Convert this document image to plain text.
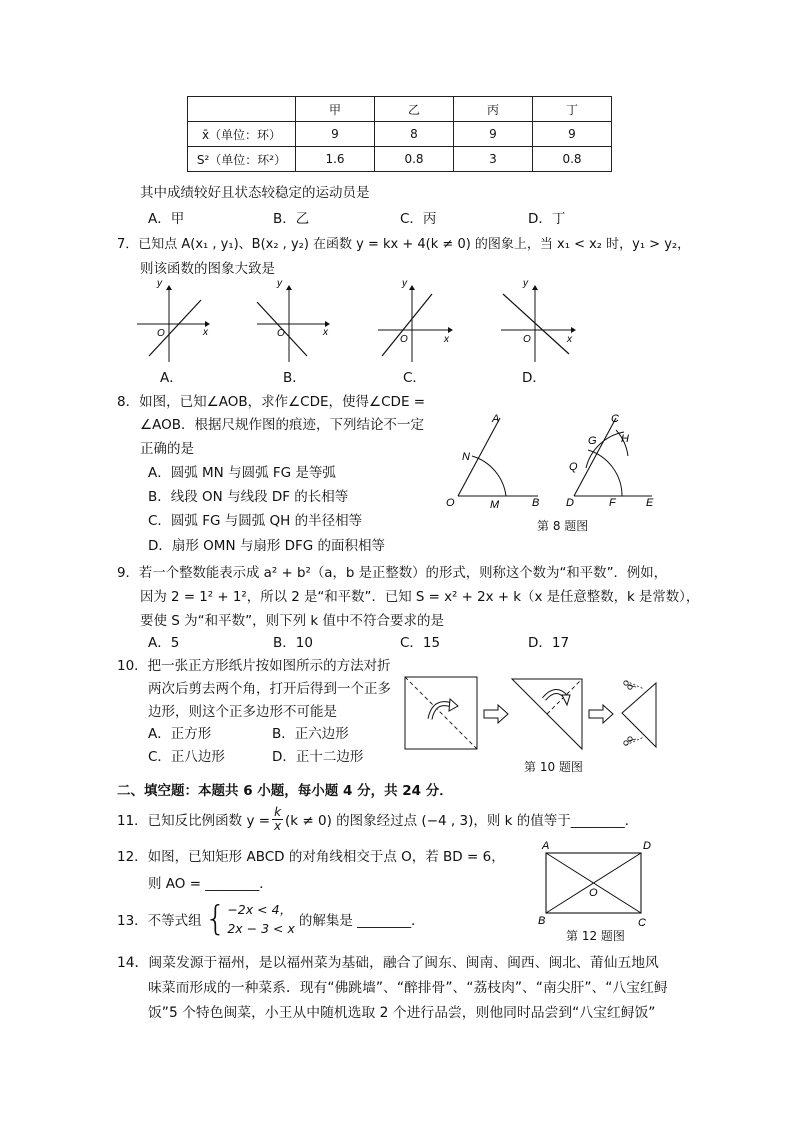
	甲	乙	丙	丁
x̄（单位：环）	9	8	9	9
S²（单位：环²）	1.6	0.8	3	0.8
其中成绩较好且状态较稳定的运动员是
A．甲	B．乙	C．丙	D．丁
7．已知点 A(x₁ , y₁)、B(x₂ , y₂) 在函数 y = kx + 4(k ≠ 0) 的图象上，当 x₁ < x₂ 时，y₁ > y₂，
则该函数的图象大致是
y
x
O
y
x
O
y
x
O
y
x
O
A．	B．	C．	D．
8．如图，已知∠AOB，求作∠CDE，使得∠CDE =
∠AOB．根据尺规作图的痕迹，下列结论不一定
正确的是
A．圆弧 MN 与圆弧 FG 是等弧
B．线段 ON 与线段 DF 的长相等
C．圆弧 FG 与圆弧 QH 的半径相等
D．扇形 OMN 与扇形 DFG 的面积相等
A
N
O	M	B
C
G H
Q
D	F	E
第 8 题图
9．若一个整数能表示成 a² + b²（a，b 是正整数）的形式，则称这个数为“和平数”．例如，
因为 2 = 1² + 1²，所以 2 是“和平数”．已知 S = x² + 2x + k（x 是任意整数，k 是常数），
要使 S 为“和平数”，则下列 k 值中不符合要求的是
A．5	B．10	C．15	D．17
10．把一张正方形纸片按如图所示的方法对折
两次后剪去两个角，打开后得到一个正多
边形，则这个正多边形不可能是
A．正方形	B．正六边形
C．正八边形	D．正十二边形
第 10 题图
二、填空题：本题共 6 小题，每小题 4 分，共 24 分．
11．已知反比例函数 $y = \frac{k}{x} (k \ne 0)$ 的图象经过点 (−4 , 3)，则 k 的值等于________．
12．如图，已知矩形 ABCD 的对角线相交于点 O，若 BD = 6，
则 AO = ________．
A	D
B	C
O
第 12 题图
13．不等式组 { −2x < 4，
2x − 3 < x 的解集是 ________．
14．闽菜发源于福州，是以福州菜为基础，融合了闽东、闽南、闽西、闽北、莆仙五地风
味菜而形成的一种菜系．现有“佛跳墙”、“醉排骨”、“荔枝肉”、“南尖肝”、“八宝红鲟
饭”5 个特色闽菜，小王从中随机选取 2 个进行品尝，则他同时品尝到“八宝红鲟饭”
